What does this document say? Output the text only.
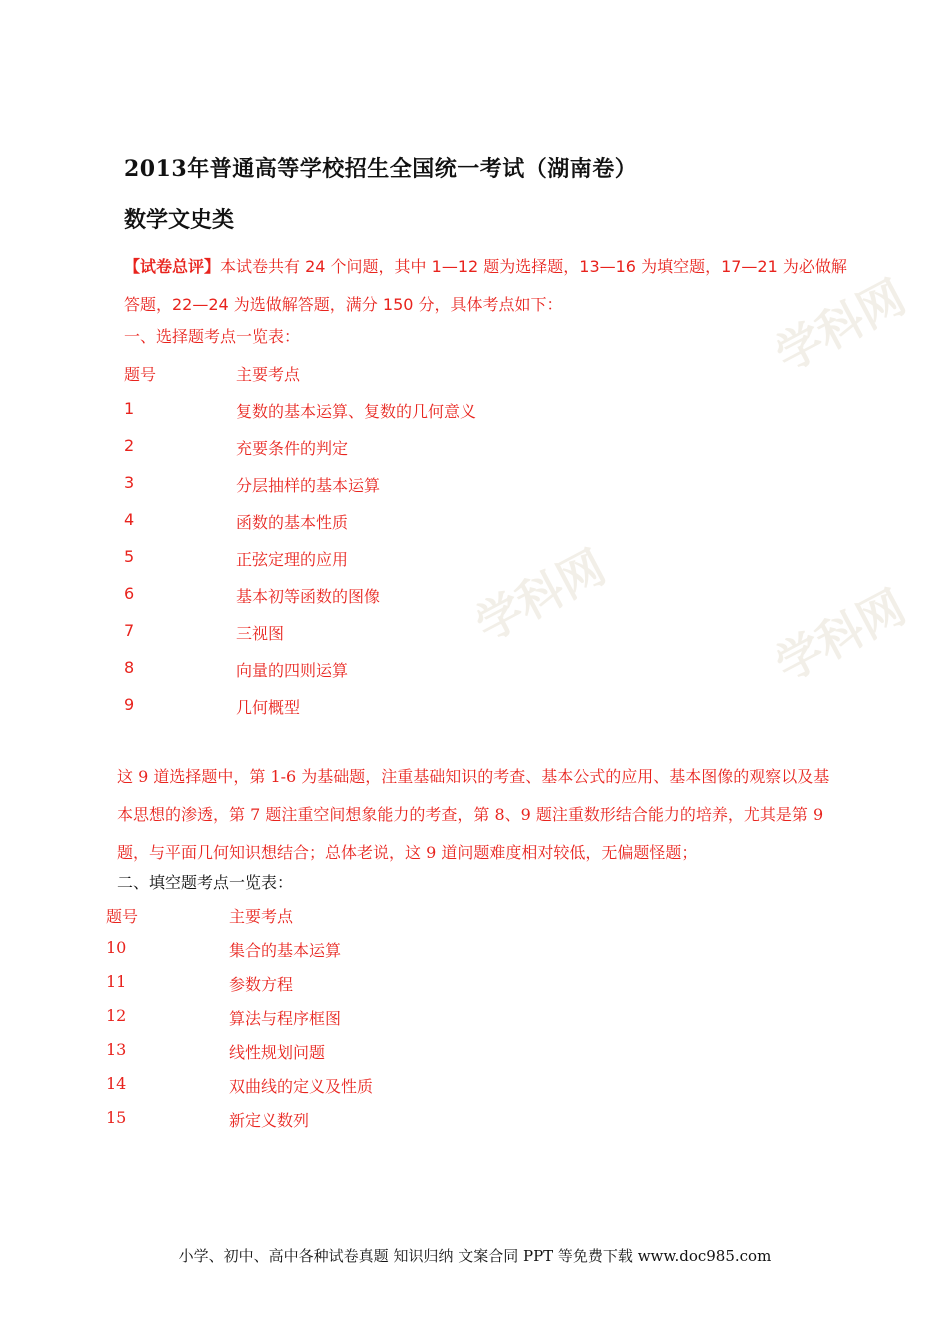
学科网
学科网	学科网
2013年普通高等学校招生全国统一考试（湖南卷）
数学文史类
【试卷总评】本试卷共有 24 个问题，其中 1—12 题为选择题，13—16 为填空题，17—21 为必做解答题，22—24 为选做解答题，满分 150 分，具体考点如下：
一、选择题考点一览表：
题号	主要考点
1	复数的基本运算、复数的几何意义
2	充要条件的判定
3	分层抽样的基本运算
4	函数的基本性质
5	正弦定理的应用
6	基本初等函数的图像
7	三视图
8	向量的四则运算
9	几何概型
这 9 道选择题中，第 1-6 为基础题，注重基础知识的考查、基本公式的应用、基本图像的观察以及基本思想的渗透，第 7 题注重空间想象能力的考查，第 8、9 题注重数形结合能力的培养，尤其是第 9 题，与平面几何知识想结合；总体老说，这 9 道问题难度相对较低，无偏题怪题；
二、填空题考点一览表：
题号	主要考点
10	集合的基本运算
11	参数方程
12	算法与程序框图
13	线性规划问题
14	双曲线的定义及性质
15	新定义数列
小学、初中、高中各种试卷真题 知识归纳 文案合同 PPT 等免费下载 www.doc985.com
